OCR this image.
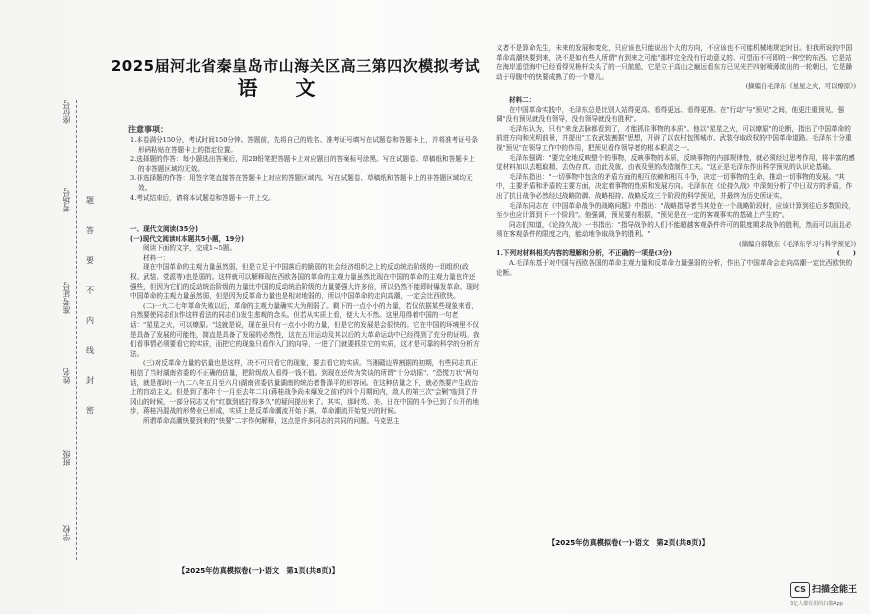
座位号
考场号
准考证号
姓名
班级
学校
题
答
要
不
内
线
封
密
2025届河北省秦皇岛市山海关区高三第四次模拟考试
语文
注意事项：

1.本卷满分150分，考试时间150分钟。答题前，先将自己的姓名、准考证号填写在试题卷和答题卡上，并将准考证号条形码粘贴在答题卡上的指定位置。

2.选择题的作答：每小题选出答案后，用2B铅笔把答题卡上对应题目的答案标号涂黑。写在试题卷、草稿纸和答题卡上的非答题区域均无效。

3.非选择题的作答：用签字笔直接答在答题卡上对应的答题区域内。写在试题卷、草稿纸和答题卡上的非答题区域均无效。

4.考试结束后，请将本试题卷和答题卡一并上交。

一、现代文阅读(35分)

(一)现代文阅读Ⅰ(本题共5小题，19分)

阅读下面的文字，完成1~5题。

材料一：

现在中国革命的主观力量虽然弱，但是立足于中国落后的脆弱的社会经济组织之上的反动统治阶级的一切组织(政权、武装、党派等)也是弱的。这样就可以解释现在西欧各国的革命的主观力量虽然比现在中国的革命的主观力量也许还强些，但因为它们的反动统治阶级的力量比中国的反动统治阶级的力量要强大许多倍，所以仍然不能即时爆发革命。现时中国革命的主观力量虽然弱，但是因为反革命力量也是相对地弱的，所以中国革命的走向高潮，一定会比西欧快。

(二)一九二七年革命失败以后，革命的主观力量确实大为削弱了。剩下的一点小小的力量，若仅依据某些现象来看，自然要使同志们(作这样看法的同志们)发生悲观的念头。但若从实质上看，便大大不然。这里用得着中国的一句老话："星星之火，可以燎原。"这就是说，现在虽只有一点小小的力量，但是它的发展是会很快的。它在中国的环境里不仅是具备了发展的可能性，简直是具备了发展的必然性，这在五卅运动及其以后的大革命运动中已经得到了充分的证明。我们看事情必须要看它的实质，而把它的现象只看作入门的向导，一进了门就要抓住它的实质，这才是可靠的科学的分析方法。

(三)对反革命力量的估量也是这样，决不可只看它的现象，要去看它的实质。当湘赣边界割据的初期，有些同志真正相信了当时湖南省委的不正确的估量，把阶级敌人看得一钱不值。到现在还传为笑谈的所谓"十分动摇"、"恐慌万状"两句话，就是那时(一九二八年五月至六月)湖南省委估量湖南的统治者鲁涤平的形容词。在这种估量之下，就必然要产生政治上的盲动主义。但是到了那年十一月至去年二月(蒋桂战争尚未爆发之前)约四个月期间内，敌人的第三次"会剿"临到了井冈山的时候，一部分同志又有"红旗到底打得多久"的疑问提出来了。其实，那时英、美、日在中国的斗争已到了公开的地步，蒋桂冯混战的形势业已形成，实质上是反革命潮流开始下落，革命潮流开始复兴的时候。

所谓革命高潮快要到来的"快要"二字作何解释，这点是许多同志的共同的问题。马克思主

【2025年仿真模拟卷(一)·语文　第1页(共8页)】

义者不是算命先生，未来的发展和变化，只应该也只能说出个大的方向，不应该也不可能机械地规定时日。但我所说的中国革命高潮快要到来，决不是如有些人所谓"有到来之可能"那样完全没有行动意义的、可望而不可即的一种空的东西。它是站在海岸遥望海中已经看得见桅杆尖头了的一只航船，它是立于高山之巅远看东方已见光芒四射喷薄欲出的一轮朝日，它是躁动于母腹中的快要成熟了的一个婴儿。

(摘编自毛泽东《星星之火，可以燎原》)

材料二：

在中国革命实践中，毛泽东总是比别人站得更高、看得更远、看得更准。在"行动"与"预见"之间，他更注重预见，强调"没有预见就没有领导，没有领导就没有胜利"。

毛泽东认为，只有"来龙去脉都看到了，才能抓住事物的本质"。他以"星星之火，可以燎原"的论断，指出了中国革命的前进方向和光明前景，并提出"工农武装割据"思想，开辟了以农村包围城市、武装夺取政权的中国革命道路。毛泽东十分重视"预见"在领导工作中的作用，把预见看作领导者的根本职责之一。

毛泽东强调："要完全地反映整个的事物，反映事物的本质，反映事物的内部规律性，就必须经过思考作用，将丰富的感觉材料加以去粗取精、去伪存真、由此及彼、由表及里的改造制作工夫。"这正是毛泽东作出科学预见的认识论基础。

毛泽东指出："一切事物中包含的矛盾方面的相互依赖和相互斗争，决定一切事物的生命，推动一切事物的发展。"其中，主要矛盾和矛盾的主要方面，决定着事物的性质和发展方向。毛泽东在《论持久战》中深刻分析了中日双方的矛盾，作出了抗日战争必然经过战略防御、战略相持、战略反攻三个阶段的科学预见，并最终为历史所证实。

毛泽东同志在《中国革命战争的战略问题》中指出："战略指导者当其处在一个战略阶段时，应该计算到往后多数阶段，至少也应计算到下一个阶段"。他强调，预见要有根据，"预见是在一定的客观事实的基础上产生的"。

同志们知道，《论持久战》一书指出："指导战争的人们不能超越客观条件许可的限度期求战争的胜利，然而可以而且必须在客观条件的限度之内，能动地争取战争的胜利。"

(摘编自郝敬东《毛泽东学习与科学预见》)

1.下列对材料相关内容的理解和分析，不正确的一项是(3分)	(　　)

A.毛泽东基于对中国与西欧各国的革命主观力量和反革命力量强弱的分析，作出了中国革命会走向高潮一定比西欧快的论断。

【2025年仿真模拟卷(一)·语文　第2页(共8页)】
CS 扫描全能王
3亿人都在用的扫描App
